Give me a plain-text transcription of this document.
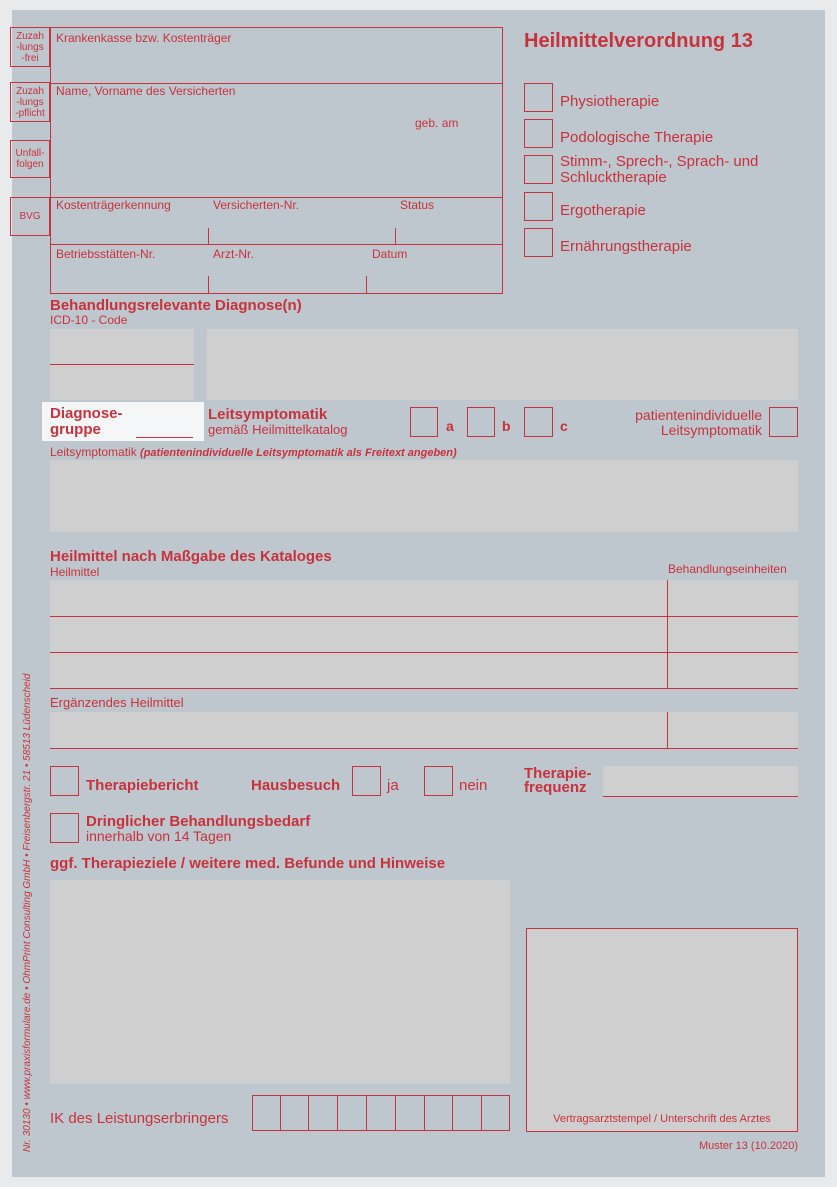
Zuzah-lungs-frei
Zuzah-lungs-pflicht
Unfall-folgen
BVG
Krankenkasse bzw. Kostenträger
Name, Vorname des Versicherten
geb. am
Kostenträgerkennung	Versicherten-Nr.	Status
Betriebsstätten-Nr.	Arzt-Nr.	Datum
Heilmittelverordnung 13
Physiotherapie
Podologische Therapie
Stimm-, Sprech-, Sprach- und Schlucktherapie
Ergotherapie
Ernährungstherapie
Behandlungsrelevante Diagnose(n)
ICD-10 - Code
Diagnose-
gruppe
Leitsymptomatik
gemäß Heilmittelkatalog	a	b	c
patientenindividuelle
Leitsymptomatik
Leitsymptomatik (patientenindividuelle Leitsymptomatik als Freitext angeben)
Heilmittel nach Maßgabe des Kataloges
Heilmittel	Behandlungseinheiten
Ergänzendes Heilmittel
Therapiebericht	Hausbesuch	ja	nein
Therapie-
frequenz
Dringlicher Behandlungsbedarf
innerhalb von 14 Tagen
ggf. Therapieziele / weitere med. Befunde und Hinweise
Vertragsarztstempel / Unterschrift des Arztes
Muster 13 (10.2020)
IK des Leistungserbringers
Nr. 30130 • www.praxisformulare.de • OhmPrint Consulting GmbH • Freisenbergstr. 21 • 58513 Lüdenscheid
